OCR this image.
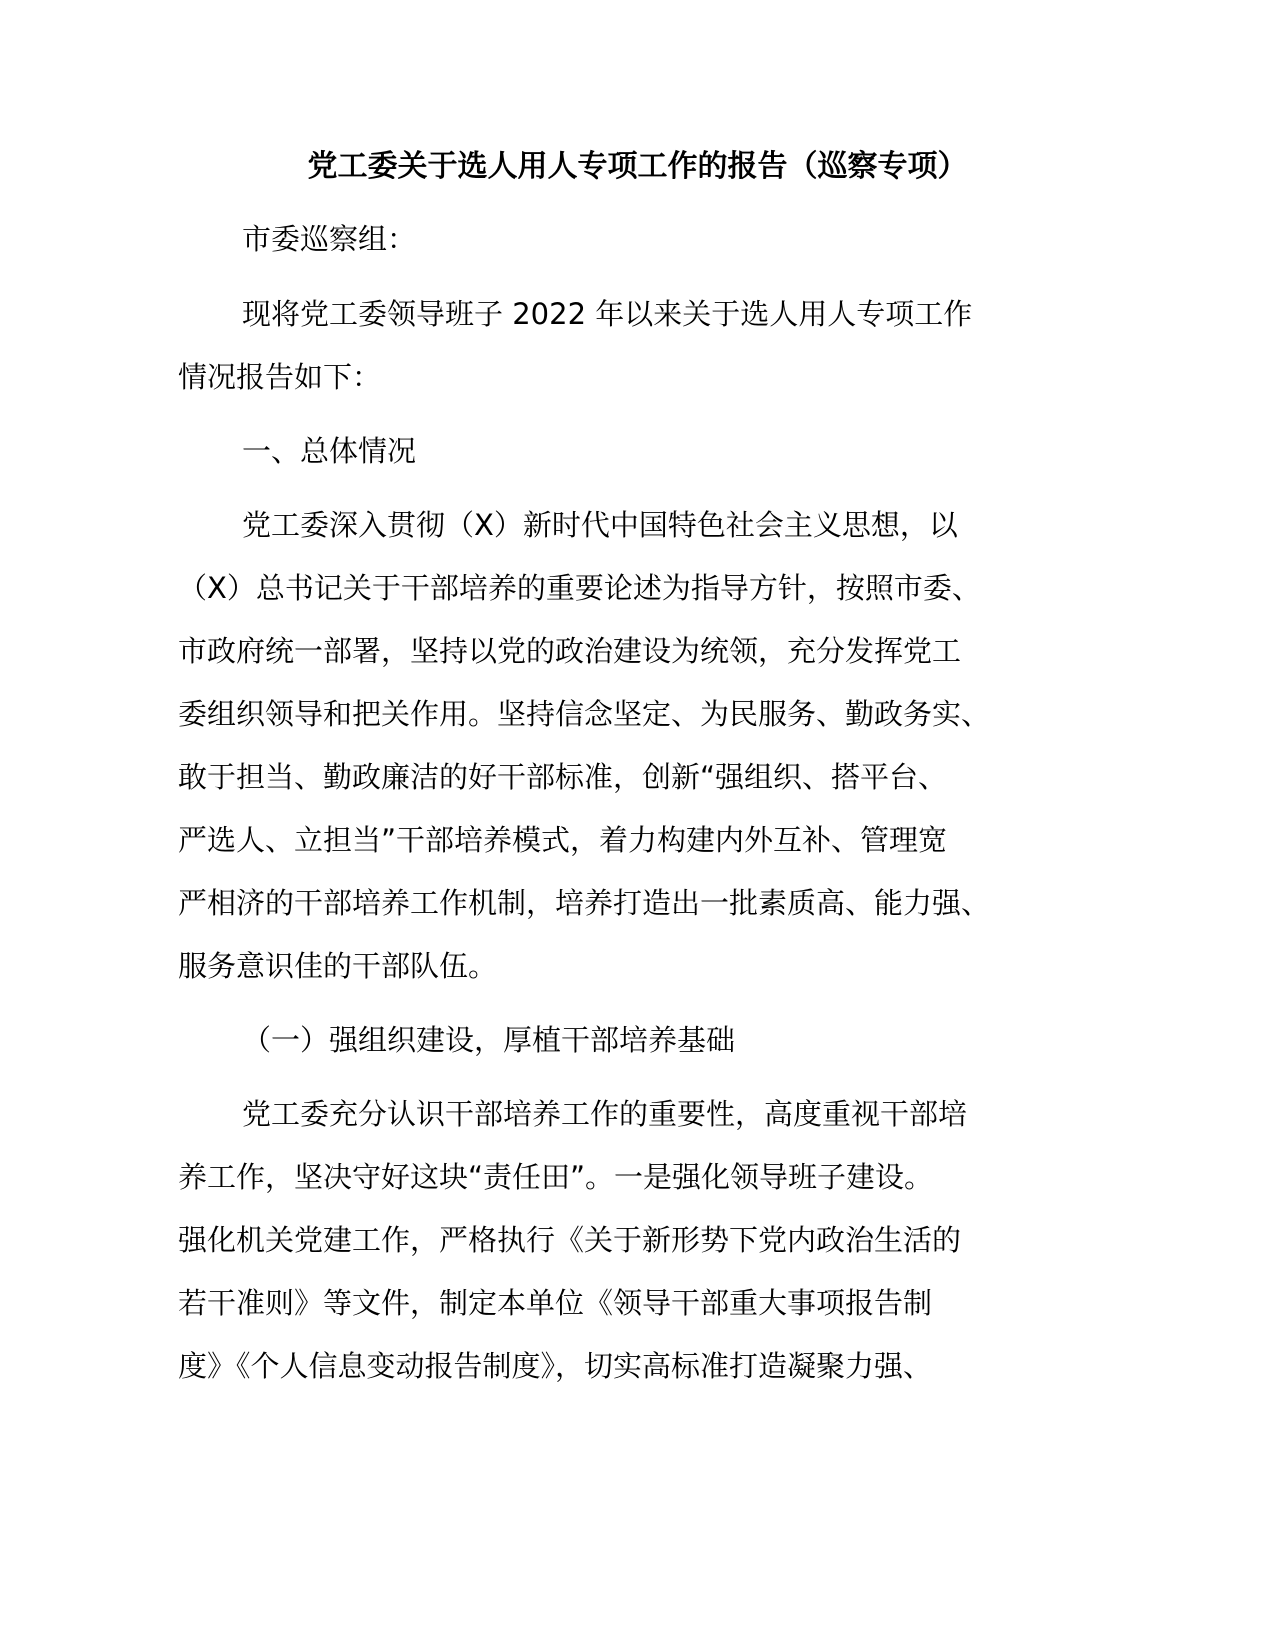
党工委关于选人用人专项工作的报告（巡察专项）
市委巡察组：
现将党工委领导班子 2022 年以来关于选人用人专项工作
情况报告如下：
一、总体情况
党工委深入贯彻（X）新时代中国特色社会主义思想，以
（X）总书记关于干部培养的重要论述为指导方针，按照市委、
市政府统一部署，坚持以党的政治建设为统领，充分发挥党工
委组织领导和把关作用。坚持信念坚定、为民服务、勤政务实、
敢于担当、勤政廉洁的好干部标准，创新“强组织、搭平台、
严选人、立担当”干部培养模式，着力构建内外互补、管理宽
严相济的干部培养工作机制，培养打造出一批素质高、能力强、
服务意识佳的干部队伍。
（一）强组织建设，厚植干部培养基础
党工委充分认识干部培养工作的重要性，高度重视干部培
养工作，坚决守好这块“责任田”。一是强化领导班子建设。
强化机关党建工作，严格执行《关于新形势下党内政治生活的
若干准则》等文件，制定本单位《领导干部重大事项报告制
度》《个人信息变动报告制度》，切实高标准打造凝聚力强、
